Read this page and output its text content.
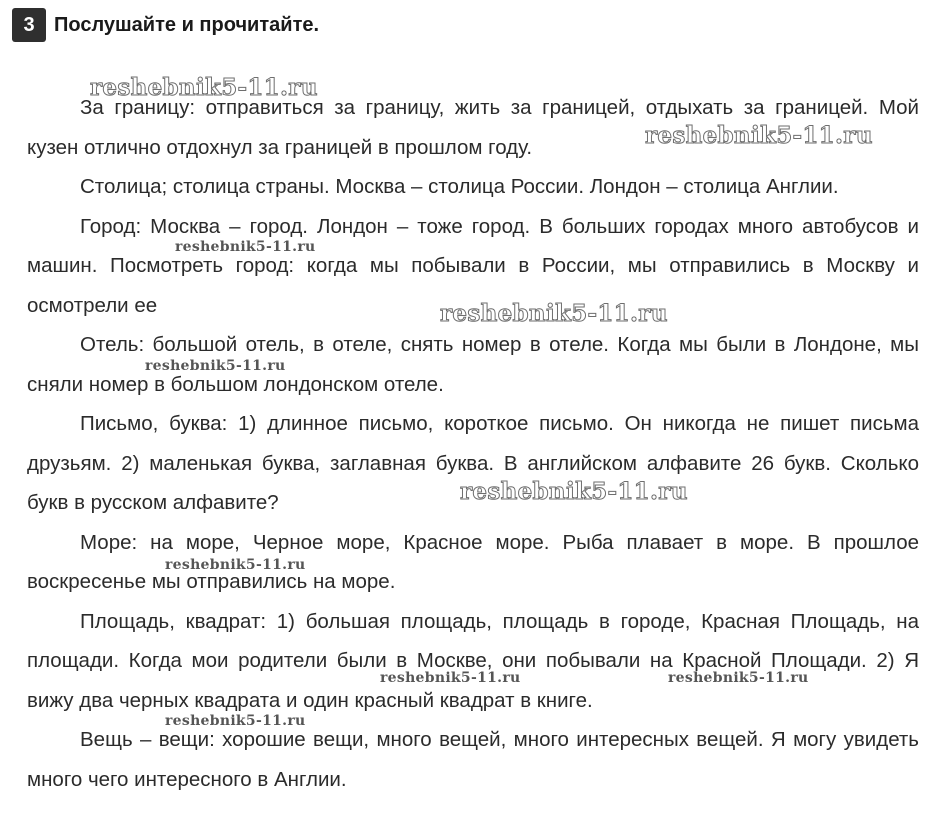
3 Послушайте и прочитайте.

За границу: отправиться за границу, жить за границей, отдыхать за границей. Мой кузен отлично отдохнул за границей в прошлом году.

Столица; столица страны. Москва – столица России. Лондон – столица Англии.

Город: Москва – город. Лондон – тоже город. В больших городах много автобусов и машин. Посмотреть город: когда мы побывали в России, мы отправились в Москву и осмотрели ее

Отель: большой отель, в отеле, снять номер в отеле. Когда мы были в Лондоне, мы сняли номер в большом лондонском отеле.

Письмо, буква: 1) длинное письмо, короткое письмо. Он никогда не пишет письма друзьям. 2) маленькая буква, заглавная буква. В английском алфавите 26 букв. Сколько букв в русском алфавите?

Море: на море, Черное море, Красное море. Рыба плавает в море. В прошлое воскресенье мы отправились на море.

Площадь, квадрат: 1) большая площадь, площадь в городе, Красная Площадь, на площади. Когда мои родители были в Москве, они побывали на Красной Площади. 2) Я вижу два черных квадрата и один красный квадрат в книге.

Вещь – вещи: хорошие вещи, много вещей, много интересных вещей. Я могу увидеть много чего интересного в Англии.

reshebnik5-11.ru
reshebnik5-11.ru
reshebnik5-11.ru
reshebnik5-11.ru
reshebnik5-11.ru
reshebnik5-11.ru
reshebnik5-11.ru
reshebnik5-11.ru	reshebnik5-11.ru
reshebnik5-11.ru
